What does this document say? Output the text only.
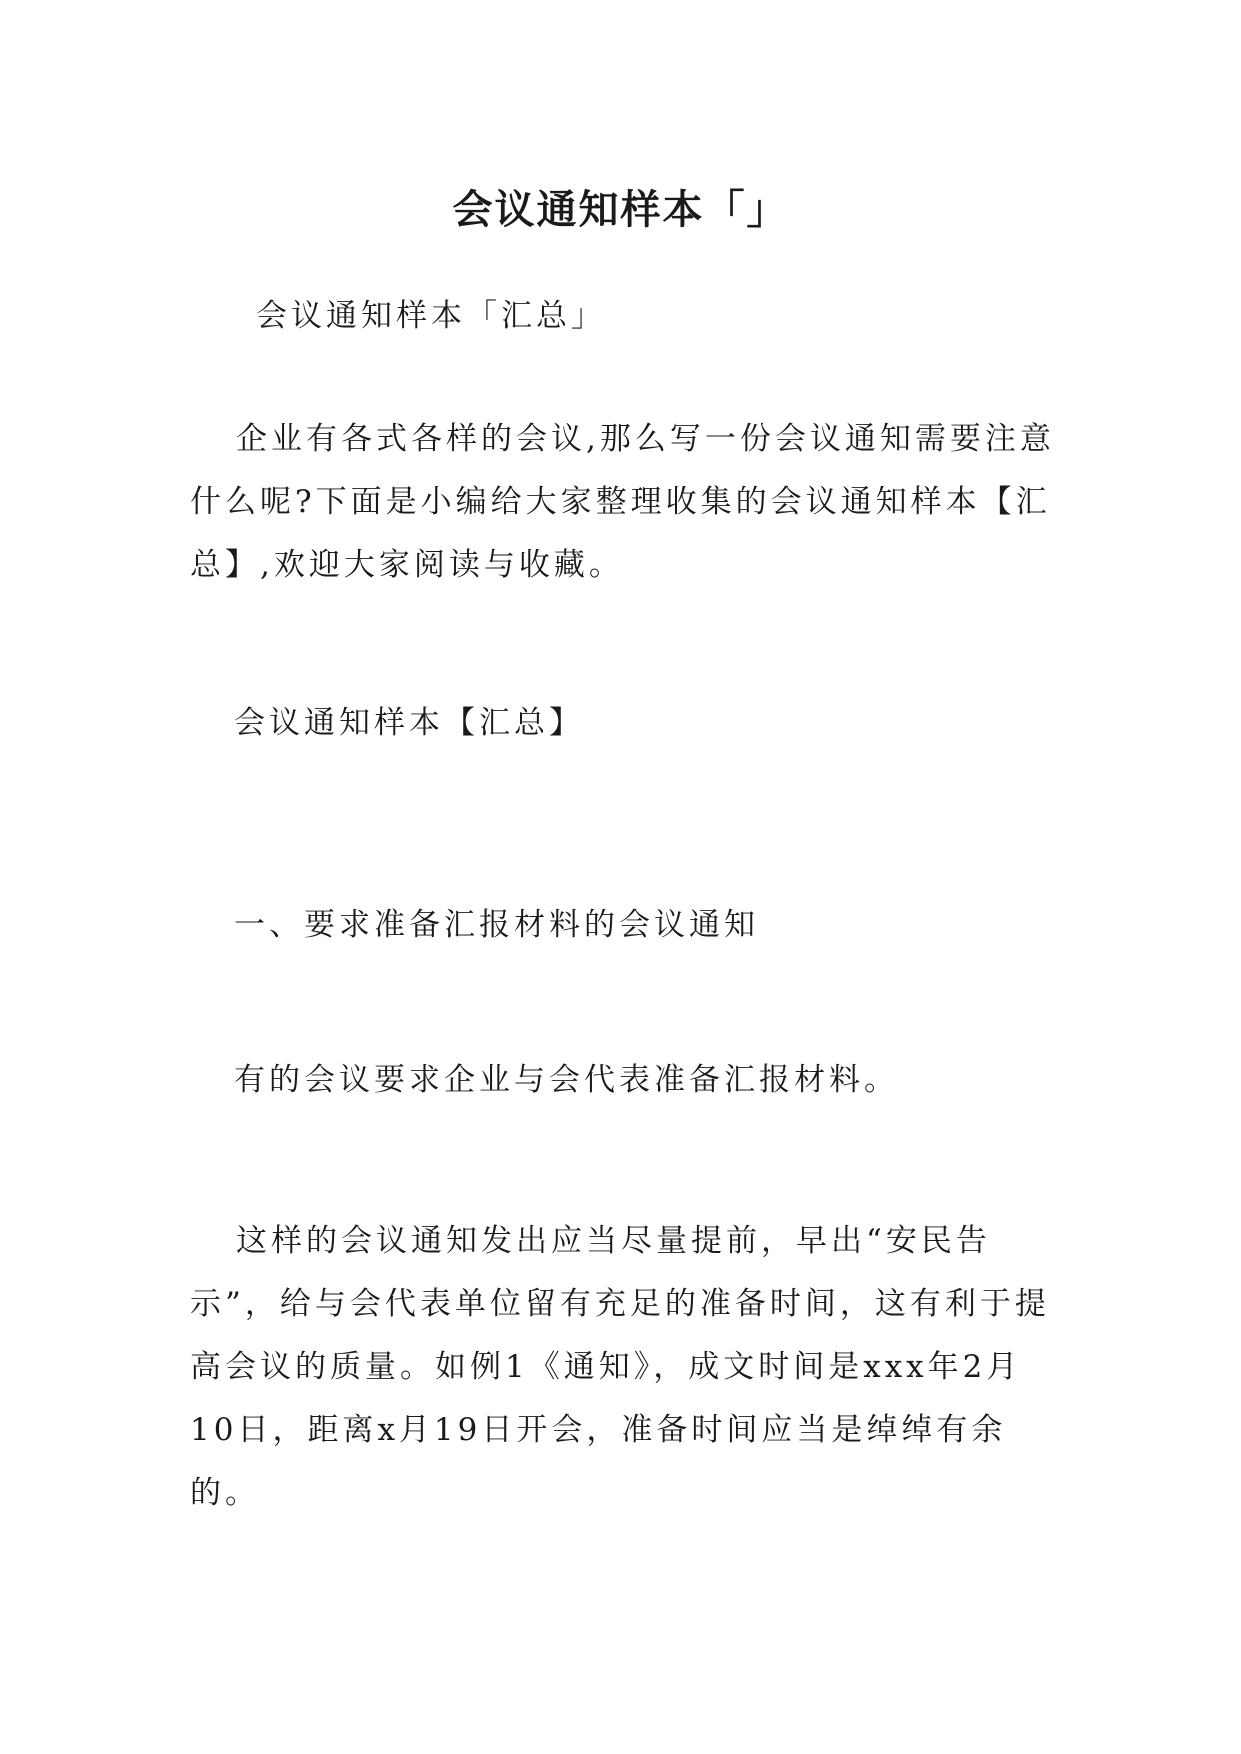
会议通知样本「」

会议通知样本「汇总」

企业有各式各样的会议,那么写一份会议通知需要注意什么呢?下面是小编给大家整理收集的会议通知样本【汇总】,欢迎大家阅读与收藏。

会议通知样本【汇总】

一、要求准备汇报材料的会议通知

有的会议要求企业与会代表准备汇报材料。

这样的会议通知发出应当尽量提前，早出“安民告示”，给与会代表单位留有充足的准备时间，这有利于提高会议的质量。如例1《通知》，成文时间是xxx年2月10日，距离x月19日开会，准备时间应当是绰绰有余的。
